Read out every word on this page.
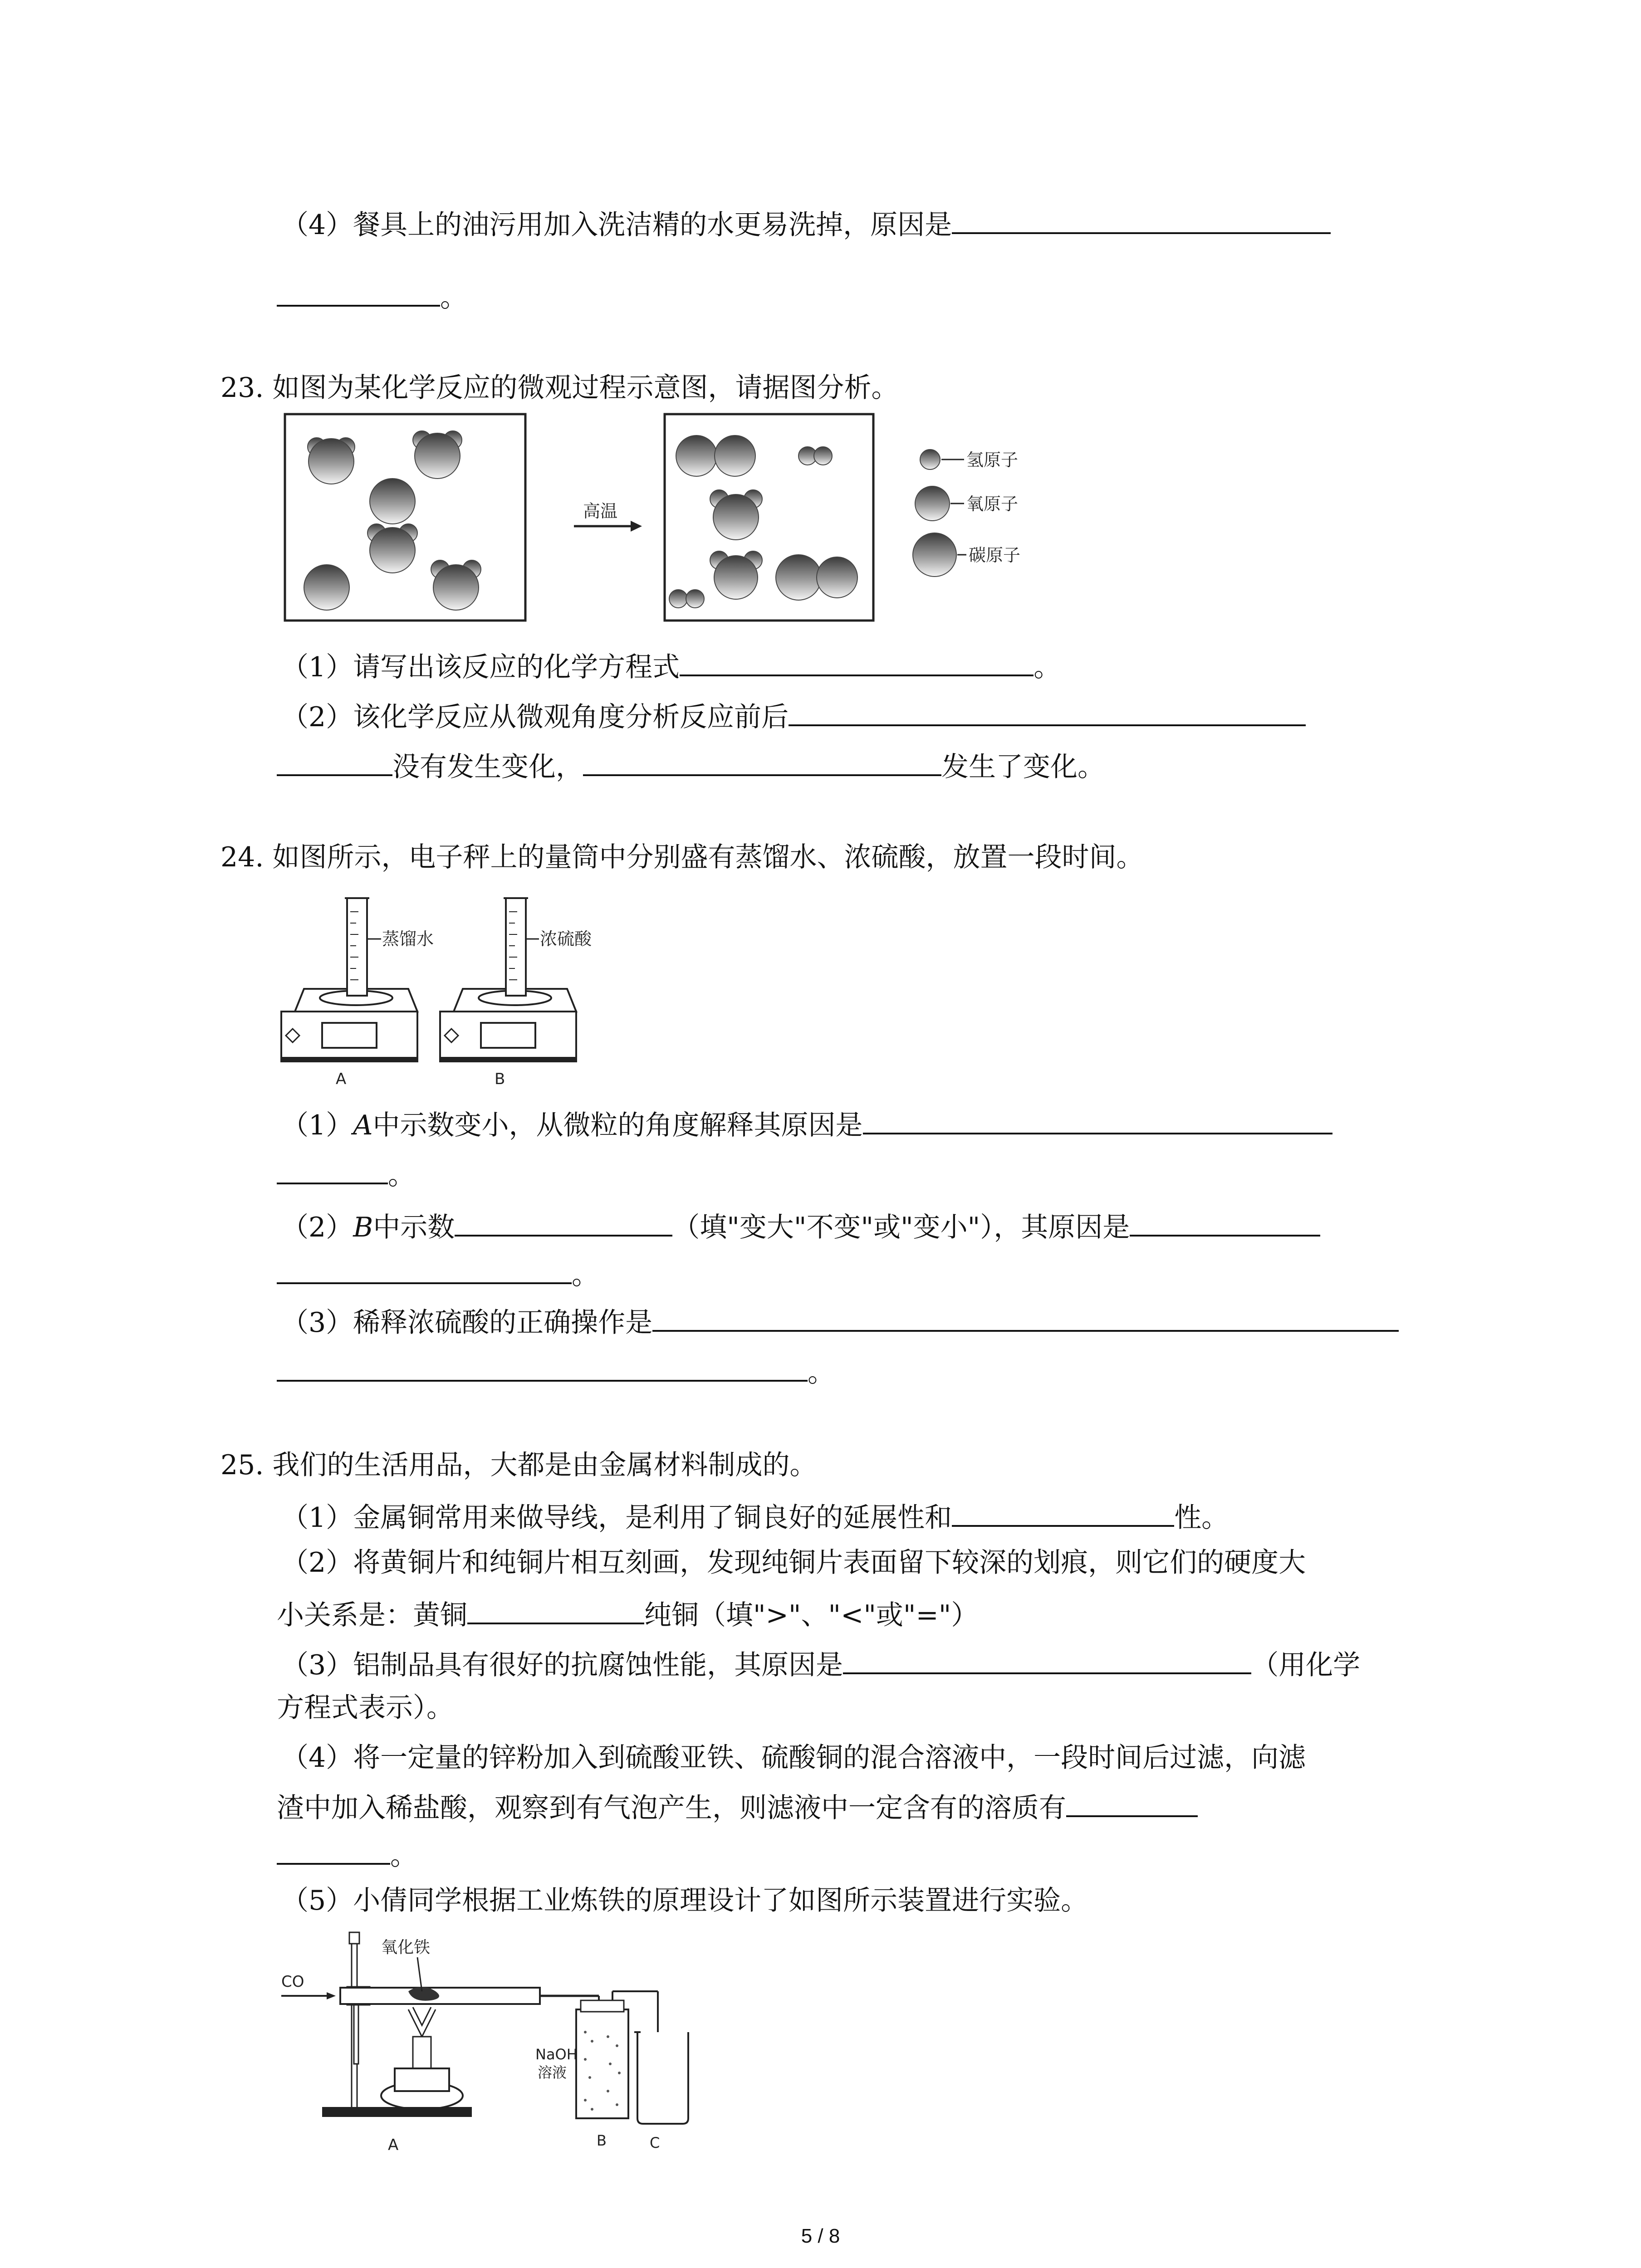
（4）餐具上的油污用加入洗洁精的水更易洗掉，原因是
。
23. 如图为某化学反应的微观过程示意图，请据图分析。
高温
氢原子
氧原子
碳原子
（1）请写出该反应的化学方程式	。
（2）该化学反应从微观角度分析反应前后
没有发生变化，	发生了变化。
24. 如图所示，电子秤上的量筒中分别盛有蒸馏水、浓硫酸，放置一段时间。
蒸馏水
A
浓硫酸
B
（1）A中示数变小，从微粒的角度解释其原因是
。
（2）B中示数	（填"变大"不变"或"变小"），其原因是
。
（3）稀释浓硫酸的正确操作是
。
25. 我们的生活用品，大都是由金属材料制成的。
（1）金属铜常用来做导线，是利用了铜良好的延展性和	性。
（2）将黄铜片和纯铜片相互刻画，发现纯铜片表面留下较深的划痕，则它们的硬度大
小关系是：黄铜	纯铜（填">"、"<"或"="）
（3）铝制品具有很好的抗腐蚀性能，其原因是	（用化学
方程式表示）。
（4）将一定量的锌粉加入到硫酸亚铁、硫酸铜的混合溶液中，一段时间后过滤，向滤
渣中加入稀盐酸，观察到有气泡产生，则滤液中一定含有的溶质有
。
（5）小倩同学根据工业炼铁的原理设计了如图所示装置进行实验。
CO
氧化铁
A
NaOH
溶液
B	C
5 / 8
